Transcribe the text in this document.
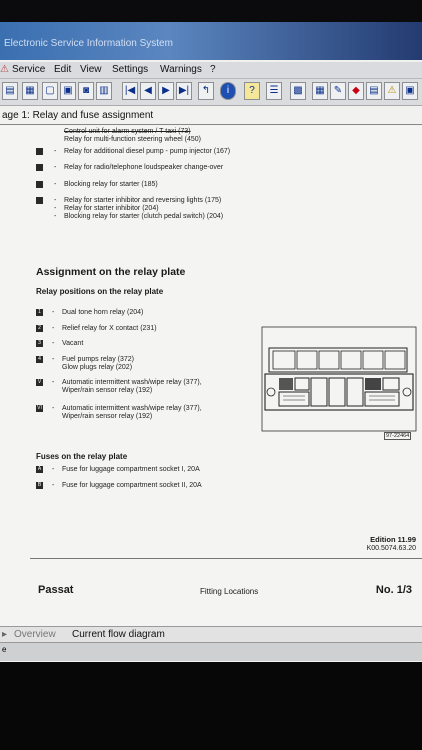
Electronic Service Information System
⚠ Service Edit View Settings Warnings ?
▤	▦	▢ ▣	◙	▥	|◀ ◀	▶ ▶|	↰	i	?	☰	▩	▦ ✎ ◆ ▤ ⚠ ▣
age 1: Relay and fuse assignment
Control unit for alarm system / T taxi (73)
Relay for multi-function steering wheel (450)
- Relay for additional diesel pump - pump injector (167)
- Relay for radio/telephone loudspeaker change-over
- Blocking relay for starter (185)
- Relay for starter inhibitor and reversing lights (175)
- Relay for starter inhibitor (204)
- Blocking relay for starter (clutch pedal switch) (204)
Assignment on the relay plate
Relay positions on the relay plate
1	- Dual tone horn relay (204)
2	- Relief relay for X contact (231)
3	- Vacant
4	- Fuel pumps relay (372)
Glow plugs relay (202)
V - Automatic intermittent wash/wipe relay (377),
Wiper/rain sensor relay (192)
VI - Automatic intermittent wash/wipe relay (377),
Wiper/rain sensor relay (192)
97-22464
Fuses on the relay plate
A - Fuse for luggage compartment socket I, 20A
B - Fuse for luggage compartment socket II, 20A
Edition 11.99
K00.5074.63.20
Passat	Fitting Locations	No. 1/3
▸ Overview Current flow diagram
e
